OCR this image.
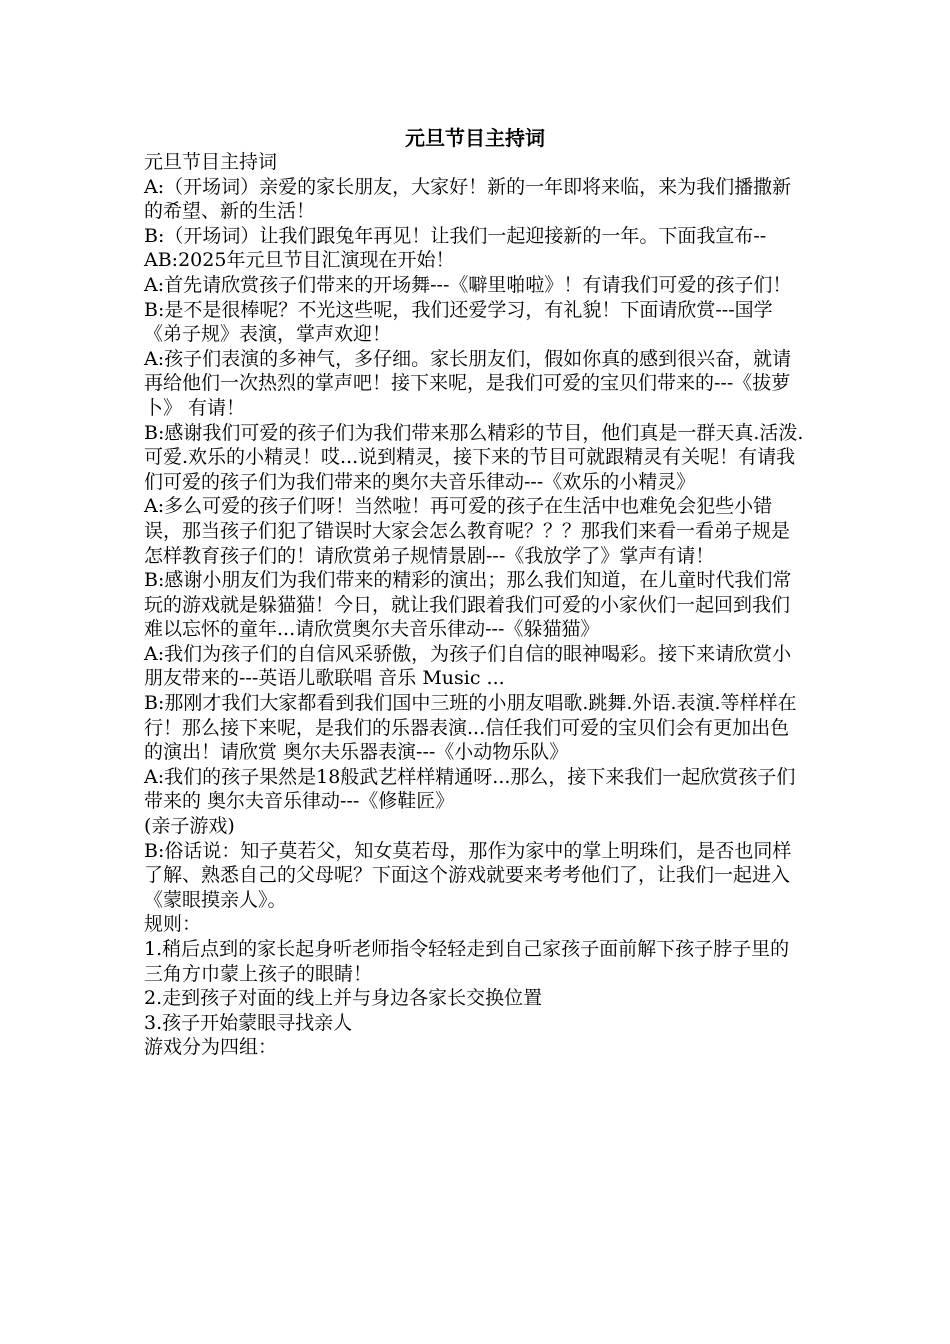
元旦节目主持词

元旦节目主持词

A:（开场词）亲爱的家长朋友，大家好！新的一年即将来临，来为我们播撒新的希望、新的生活！

B:（开场词）让我们跟兔年再见！让我们一起迎接新的一年。下面我宣布--

AB:2025年元旦节目汇演现在开始！

A:首先请欣赏孩子们带来的开场舞---《噼里啪啦》！有请我们可爱的孩子们！

B:是不是很棒呢？不光这些呢，我们还爱学习，有礼貌！下面请欣赏---国学《弟子规》表演，掌声欢迎！

A:孩子们表演的多神气，多仔细。家长朋友们，假如你真的感到很兴奋，就请再给他们一次热烈的掌声吧！接下来呢，是我们可爱的宝贝们带来的---《拔萝卜》 有请！

B:感谢我们可爱的孩子们为我们带来那么精彩的节目，他们真是一群天真.活泼.可爱.欢乐的小精灵！哎...说到精灵，接下来的节目可就跟精灵有关呢！有请我们可爱的孩子们为我们带来的奥尔夫音乐律动---《欢乐的小精灵》

A:多么可爱的孩子们呀！当然啦！再可爱的孩子在生活中也难免会犯些小错误，那当孩子们犯了错误时大家会怎么教育呢？？？那我们来看一看弟子规是怎样教育孩子们的！请欣赏弟子规情景剧---《我放学了》掌声有请！

B:感谢小朋友们为我们带来的精彩的演出；那么我们知道，在儿童时代我们常玩的游戏就是躲猫猫！今日，就让我们跟着我们可爱的小家伙们一起回到我们难以忘怀的童年...请欣赏奥尔夫音乐律动---《躲猫猫》

A:我们为孩子们的自信风采骄傲，为孩子们自信的眼神喝彩。接下来请欣赏小朋友带来的---英语儿歌联唱 音乐 Music ...

B:那刚才我们大家都看到我们国中三班的小朋友唱歌.跳舞.外语.表演.等样样在行！那么接下来呢，是我们的乐器表演...信任我们可爱的宝贝们会有更加出色的演出！请欣赏 奥尔夫乐器表演---《小动物乐队》

A:我们的孩子果然是18般武艺样样精通呀...那么，接下来我们一起欣赏孩子们带来的 奥尔夫音乐律动---《修鞋匠》

(亲子游戏)

B:俗话说：知子莫若父，知女莫若母，那作为家中的掌上明珠们，是否也同样了解、熟悉自己的父母呢？下面这个游戏就要来考考他们了，让我们一起进入《蒙眼摸亲人》。

规则：

1.稍后点到的家长起身听老师指令轻轻走到自己家孩子面前解下孩子脖子里的三角方巾蒙上孩子的眼睛！

2.走到孩子对面的线上并与身边各家长交换位置

3.孩子开始蒙眼寻找亲人

游戏分为四组：
